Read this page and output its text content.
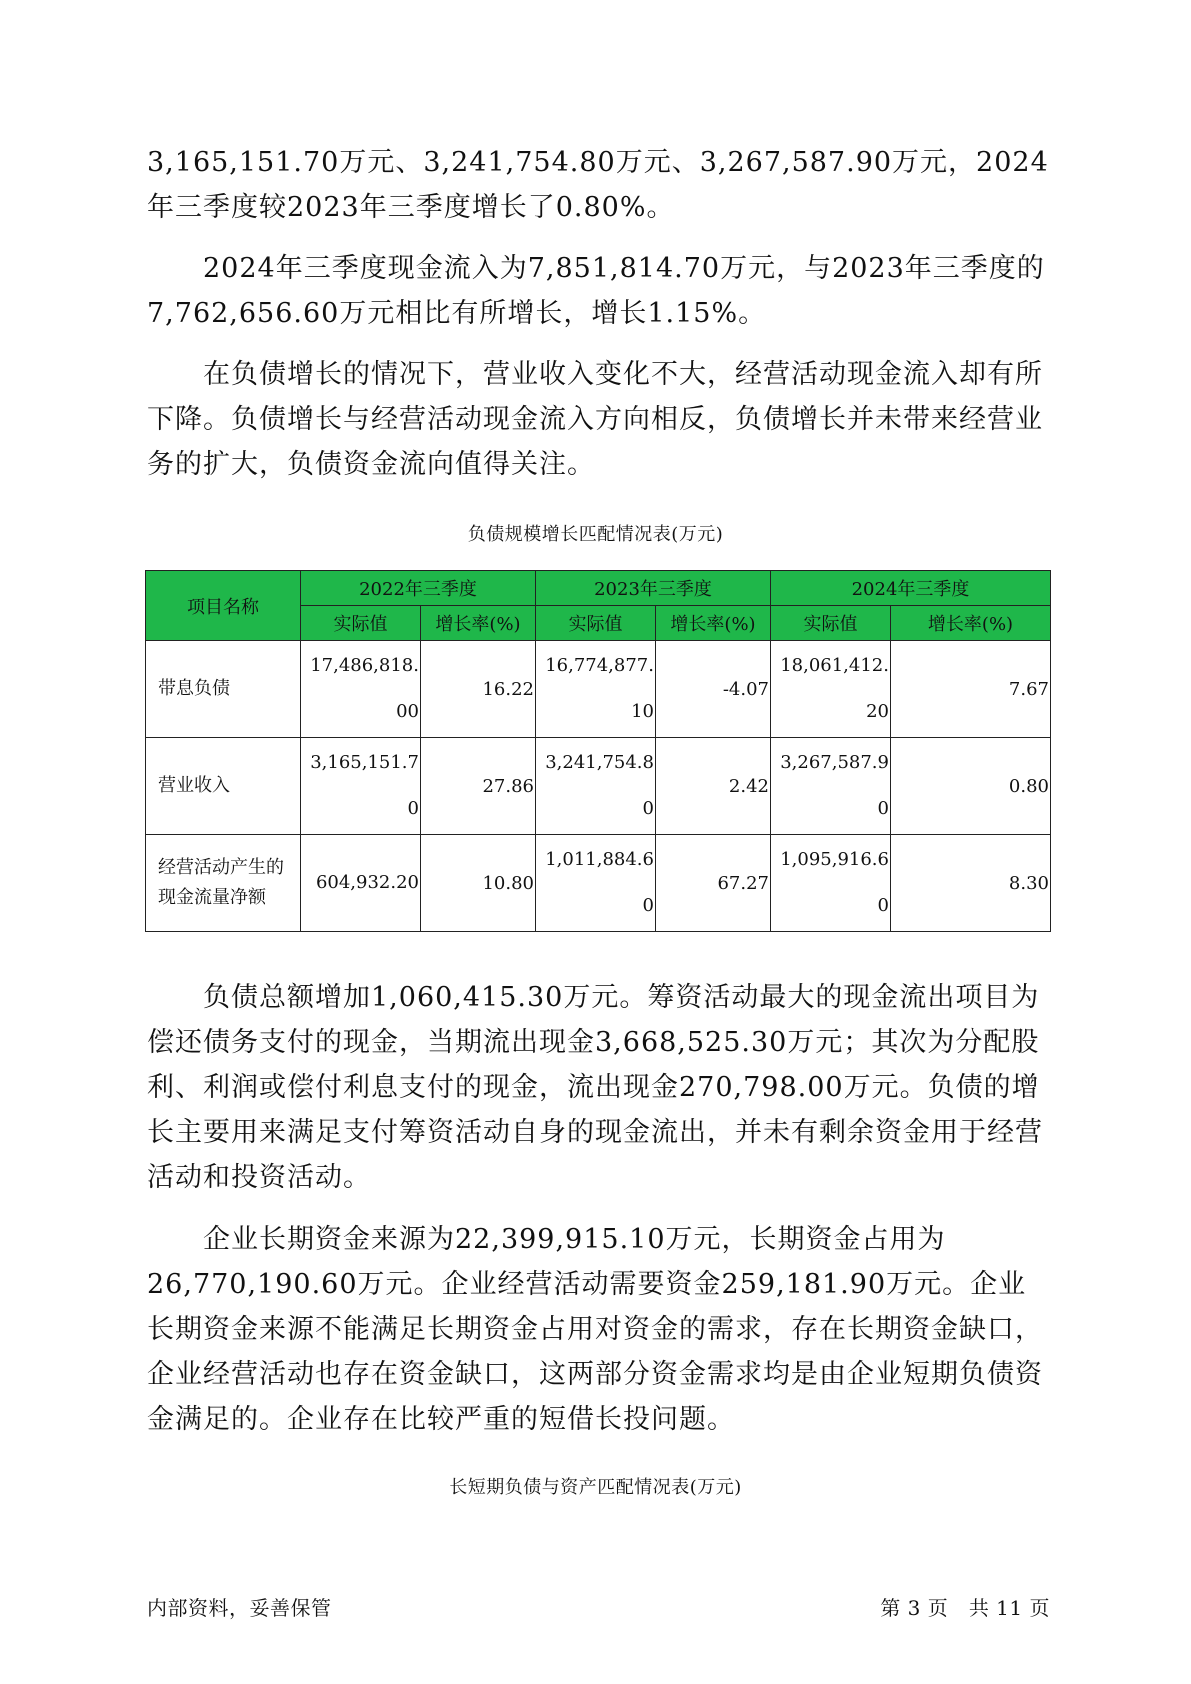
3,165,151.70万元、3,241,754.80万元、3,267,587.90万元，2024年三季度较2023年三季度增长了0.80%。

2024年三季度现金流入为7,851,814.70万元，与2023年三季度的7,762,656.60万元相比有所增长，增长1.15%。

在负债增长的情况下，营业收入变化不大，经营活动现金流入却有所下降。负债增长与经营活动现金流入方向相反，负债增长并未带来经营业务的扩大，负债资金流向值得关注。

负债规模增长匹配情况表(万元)
项目名称	2022年三季度		2023年三季度		2024年三季度	
	实际值	增长率(%)	实际值	增长率(%)	实际值	增长率(%)
带息负债	17,486,818.00	16.22	16,774,877.10	-4.07	18,061,412.20	7.67
营业收入	3,165,151.70	27.86	3,241,754.80	2.42	3,267,587.90	0.80
经营活动产生的现金流量净额	604,932.20	10.80	1,011,884.60	67.27	1,095,916.60	8.30

负债总额增加1,060,415.30万元。筹资活动最大的现金流出项目为偿还债务支付的现金，当期流出现金3,668,525.30万元；其次为分配股利、利润或偿付利息支付的现金，流出现金270,798.00万元。负债的增长主要用来满足支付筹资活动自身的现金流出，并未有剩余资金用于经营活动和投资活动。

企业长期资金来源为22,399,915.10万元，长期资金占用为26,770,190.60万元。企业经营活动需要资金259,181.90万元。企业长期资金来源不能满足长期资金占用对资金的需求，存在长期资金缺口，企业经营活动也存在资金缺口，这两部分资金需求均是由企业短期负债资金满足的。企业存在比较严重的短借长投问题。

长短期负债与资产匹配情况表(万元)
内部资料，妥善保管	第 3 页   共 11 页
